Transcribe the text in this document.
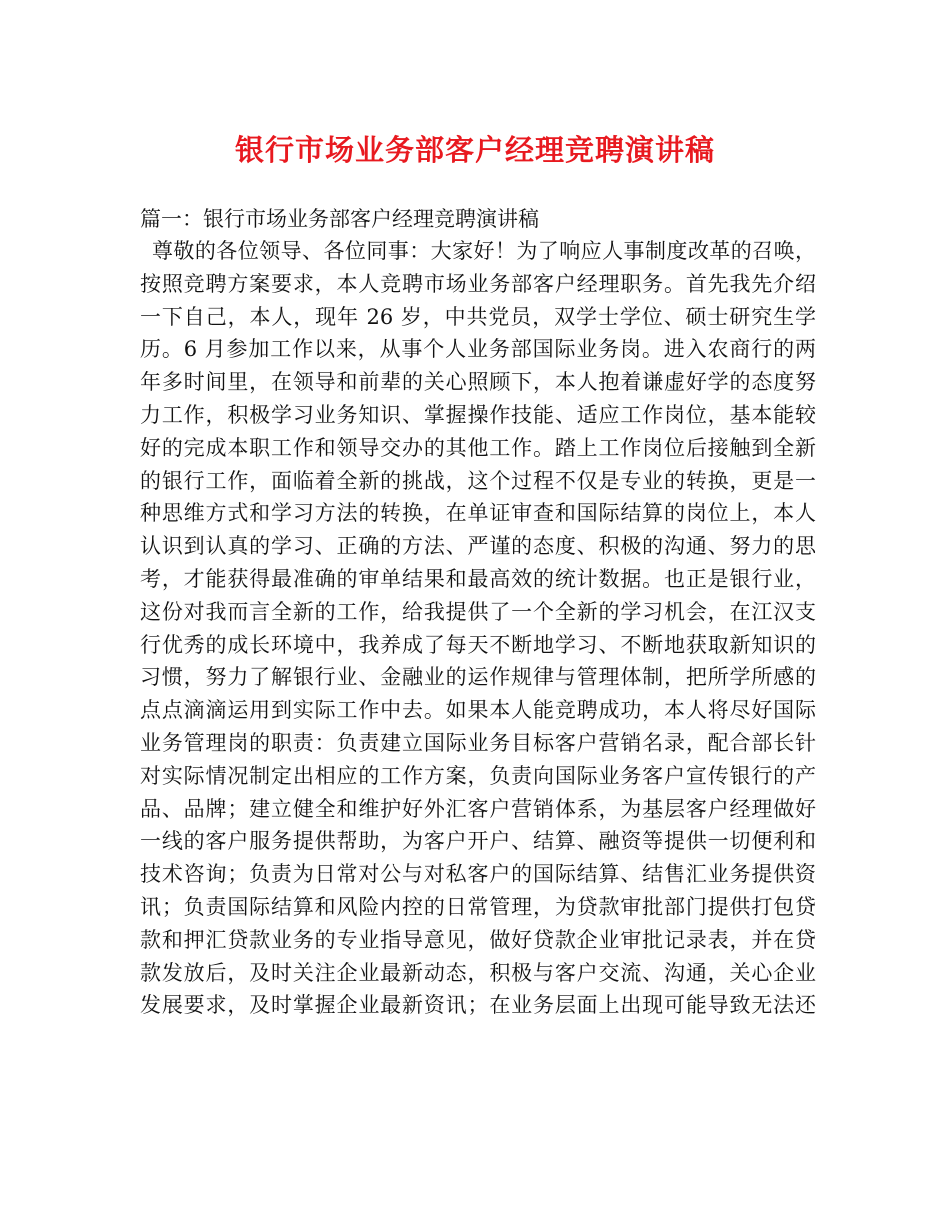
银行市场业务部客户经理竞聘演讲稿

篇一：银行市场业务部客户经理竞聘演讲稿

尊敬的各位领导、各位同事：大家好！为了响应人事制度改革的召唤，
按照竞聘方案要求，本人竞聘市场业务部客户经理职务。首先我先介绍
一下自己，本人，现年 26 岁，中共党员，双学士学位、硕士研究生学
历。6 月参加工作以来，从事个人业务部国际业务岗。进入农商行的两
年多时间里，在领导和前辈的关心照顾下，本人抱着谦虚好学的态度努
力工作，积极学习业务知识、掌握操作技能、适应工作岗位，基本能较
好的完成本职工作和领导交办的其他工作。踏上工作岗位后接触到全新
的银行工作，面临着全新的挑战，这个过程不仅是专业的转换，更是一
种思维方式和学习方法的转换，在单证审查和国际结算的岗位上，本人
认识到认真的学习、正确的方法、严谨的态度、积极的沟通、努力的思
考，才能获得最准确的审单结果和最高效的统计数据。也正是银行业，
这份对我而言全新的工作，给我提供了一个全新的学习机会，在江汉支
行优秀的成长环境中，我养成了每天不断地学习、不断地获取新知识的
习惯，努力了解银行业、金融业的运作规律与管理体制，把所学所感的
点点滴滴运用到实际工作中去。如果本人能竞聘成功，本人将尽好国际
业务管理岗的职责：负责建立国际业务目标客户营销名录，配合部长针
对实际情况制定出相应的工作方案，负责向国际业务客户宣传银行的产
品、品牌；建立健全和维护好外汇客户营销体系，为基层客户经理做好
一线的客户服务提供帮助，为客户开户、结算、融资等提供一切便利和
技术咨询；负责为日常对公与对私客户的国际结算、结售汇业务提供资
讯；负责国际结算和风险内控的日常管理，为贷款审批部门提供打包贷
款和押汇贷款业务的专业指导意见，做好贷款企业审批记录表，并在贷
款发放后，及时关注企业最新动态，积极与客户交流、沟通，关心企业
发展要求，及时掌握企业最新资讯；在业务层面上出现可能导致无法还
